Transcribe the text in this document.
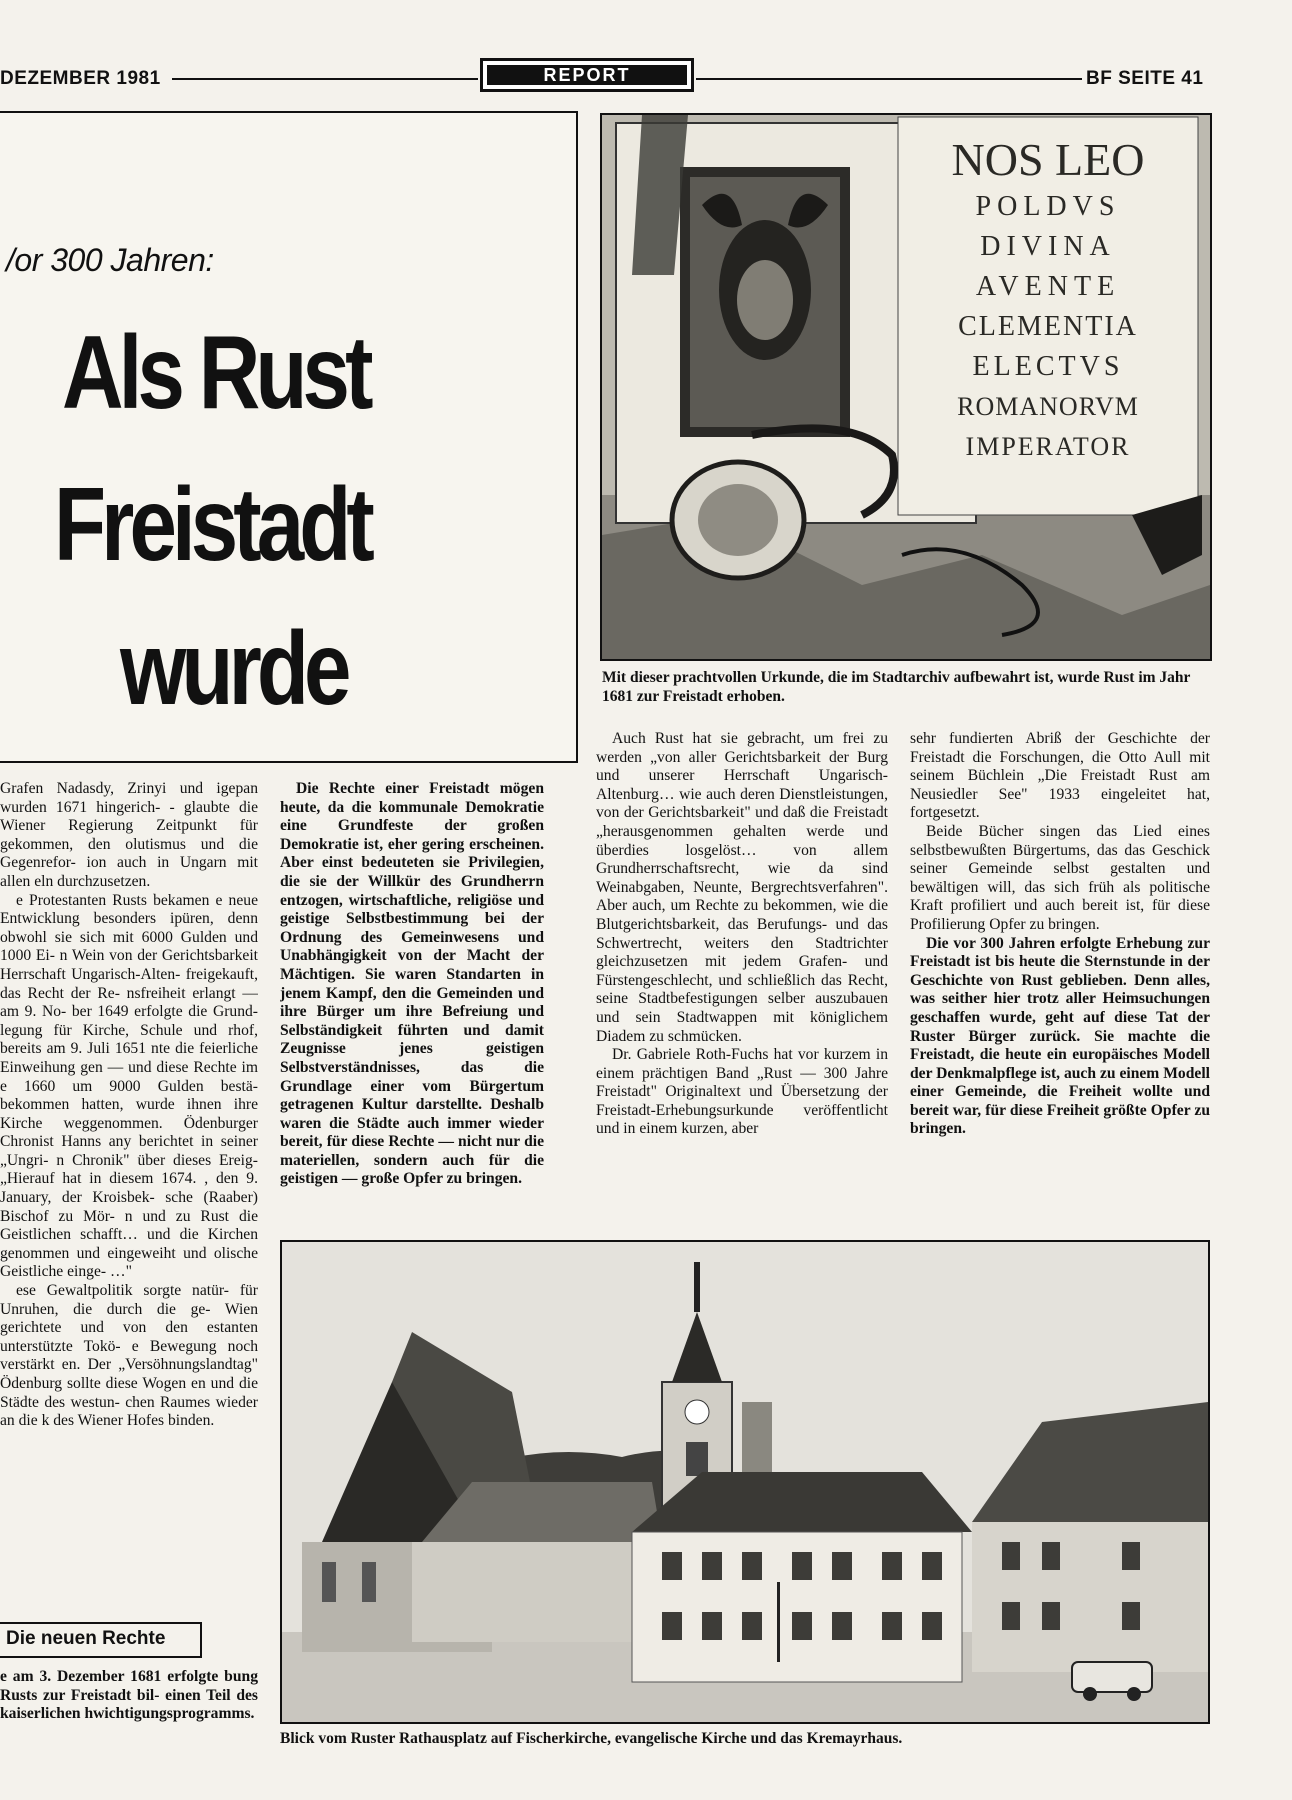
DEZEMBER 1981	REPORT	BF SEITE 41
/or 300 Jahren:
Als Rust
Freistadt
wurde
NOS LEO
POLDVS
DIVINA
AVENTE
CLEMENTIA
ELECTVS
ROMANORVM
IMPERATOR
Mit dieser prachtvollen Urkunde, die im Stadtarchiv aufbewahrt ist, wurde Rust im Jahr 1681 zur Freistadt erhoben.

Grafen Nadasdy, Zrinyi und igepan wurden 1671 hingerich- - glaubte die Wiener Regierung Zeitpunkt für gekommen, den olutismus und die Gegenrefor- ion auch in Ungarn mit allen eln durchzusetzen.

e Protestanten Rusts bekamen e neue Entwicklung besonders ipüren, denn obwohl sie sich mit 6000 Gulden und 1000 Ei- n Wein von der Gerichtsbarkeit Herrschaft Ungarisch-Alten- freigekauft, das Recht der Re- nsfreiheit erlangt — am 9. No- ber 1649 erfolgte die Grund- legung für Kirche, Schule und rhof, bereits am 9. Juli 1651 nte die feierliche Einweihung gen — und diese Rechte im e 1660 um 9000 Gulden bestä- bekommen hatten, wurde ihnen ihre Kirche weggenommen. Ödenburger Chronist Hanns any berichtet in seiner „Ungri- n Chronik" über dieses Ereig- „Hierauf hat in diesem 1674. , den 9. January, der Kroisbek- sche (Raaber) Bischof zu Mör- n und zu Rust die Geistlichen schafft… und die Kirchen genommen und eingeweiht und olische Geistliche einge- …"

ese Gewaltpolitik sorgte natür- für Unruhen, die durch die ge- Wien gerichtete und von den estanten unterstützte Tokö- e Bewegung noch verstärkt en. Der „Versöhnungslandtag" Ödenburg sollte diese Wogen en und die Städte des westun- chen Raumes wieder an die k des Wiener Hofes binden.

Die neuen Rechte

e am 3. Dezember 1681 erfolgte bung Rusts zur Freistadt bil- einen Teil des kaiserlichen hwichtigungsprogramms.

Die Rechte einer Freistadt mögen heute, da die kommunale Demokratie eine Grundfeste der großen Demokratie ist, eher gering erscheinen. Aber einst bedeuteten sie Privilegien, die sie der Willkür des Grundherrn entzogen, wirtschaftliche, religiöse und geistige Selbstbestimmung bei der Ordnung des Gemeinwesens und Unabhängigkeit von der Macht der Mächtigen. Sie waren Standarten in jenem Kampf, den die Gemeinden und ihre Bürger um ihre Befreiung und Selbständigkeit führten und damit Zeugnisse jenes geistigen Selbstverständnisses, das die Grundlage einer vom Bürgertum getragenen Kultur darstellte. Deshalb waren die Städte auch immer wieder bereit, für diese Rechte — nicht nur die materiellen, sondern auch für die geistigen — große Opfer zu bringen.

Auch Rust hat sie gebracht, um frei zu werden „von aller Gerichtsbarkeit der Burg und unserer Herrschaft Ungarisch-Altenburg… wie auch deren Dienstleistungen, von der Gerichtsbarkeit" und daß die Freistadt „herausgenommen gehalten werde und überdies losgelöst… von allem Grundherrschaftsrecht, wie da sind Weinabgaben, Neunte, Bergrechtsverfahren". Aber auch, um Rechte zu bekommen, wie die Blutgerichtsbarkeit, das Berufungs- und das Schwertrecht, weiters den Stadtrichter gleichzusetzen mit jedem Grafen- und Fürstengeschlecht, und schließlich das Recht, seine Stadtbefestigungen selber auszubauen und sein Stadtwappen mit königlichem Diadem zu schmücken.

Dr. Gabriele Roth-Fuchs hat vor kurzem in einem prächtigen Band „Rust — 300 Jahre Freistadt" Originaltext und Übersetzung der Freistadt-Erhebungsurkunde veröffentlicht und in einem kurzen, aber

sehr fundierten Abriß der Geschichte der Freistadt die Forschungen, die Otto Aull mit seinem Büchlein „Die Freistadt Rust am Neusiedler See" 1933 eingeleitet hat, fortgesetzt.

Beide Bücher singen das Lied eines selbstbewußten Bürgertums, das das Geschick seiner Gemeinde selbst gestalten und bewältigen will, das sich früh als politische Kraft profiliert und auch bereit ist, für diese Profilierung Opfer zu bringen.

Die vor 300 Jahren erfolgte Erhebung zur Freistadt ist bis heute die Sternstunde in der Geschichte von Rust geblieben. Denn alles, was seither hier trotz aller Heimsuchungen geschaffen wurde, geht auf diese Tat der Ruster Bürger zurück. Sie machte die Freistadt, die heute ein europäisches Modell der Denkmalpflege ist, auch zu einem Modell einer Gemeinde, die Freiheit wollte und bereit war, für diese Freiheit größte Opfer zu bringen.

Blick vom Ruster Rathausplatz auf Fischerkirche, evangelische Kirche und das Kremayrhaus.
